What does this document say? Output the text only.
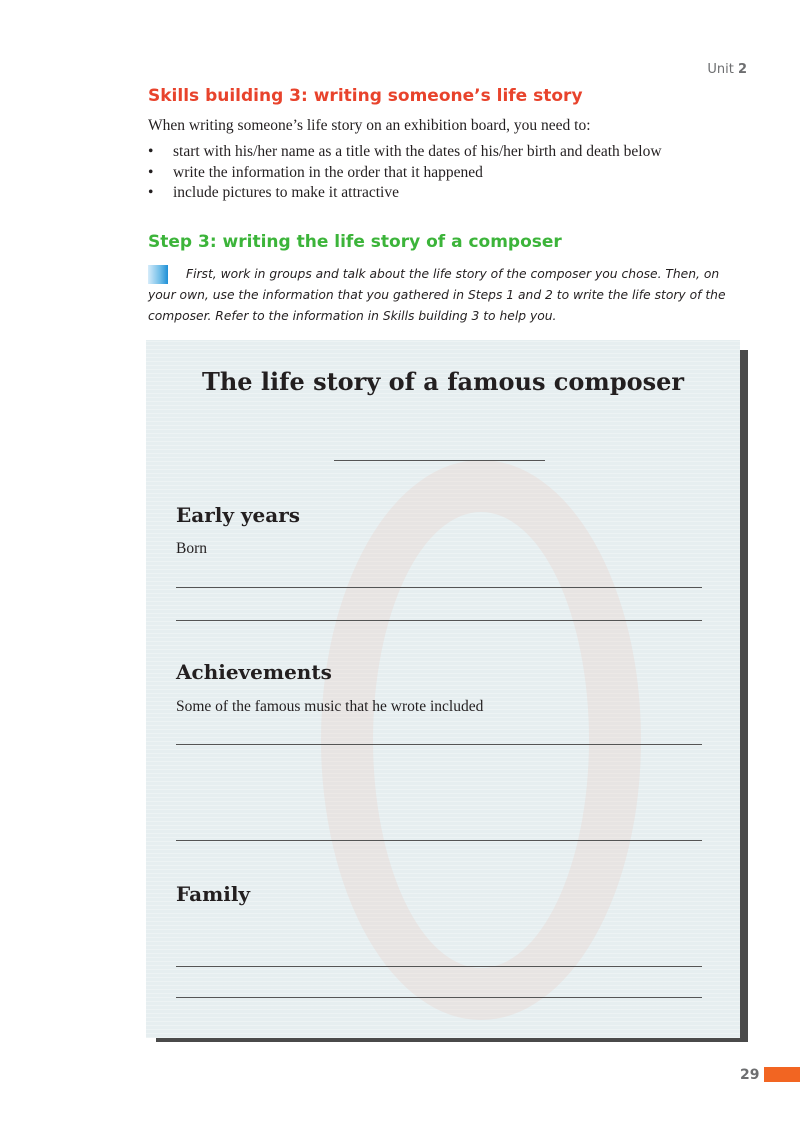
Unit 2
Skills building 3: writing someone’s life story

When writing someone’s life story on an exhibition board, you need to:

• start with his/her name as a title with the dates of his/her birth and death below
• write the information in the order that it happened
• include pictures to make it attractive
Step 3: writing the life story of a composer

First, work in groups and talk about the life story of the composer you chose. Then, on your own, use the information that you gathered in Steps 1 and 2 to write the life story of the composer. Refer to the information in Skills building 3 to help you.

The life story of a famous composer
Early years

Born

Achievements

Some of the famous music that he wrote included

Family
29
